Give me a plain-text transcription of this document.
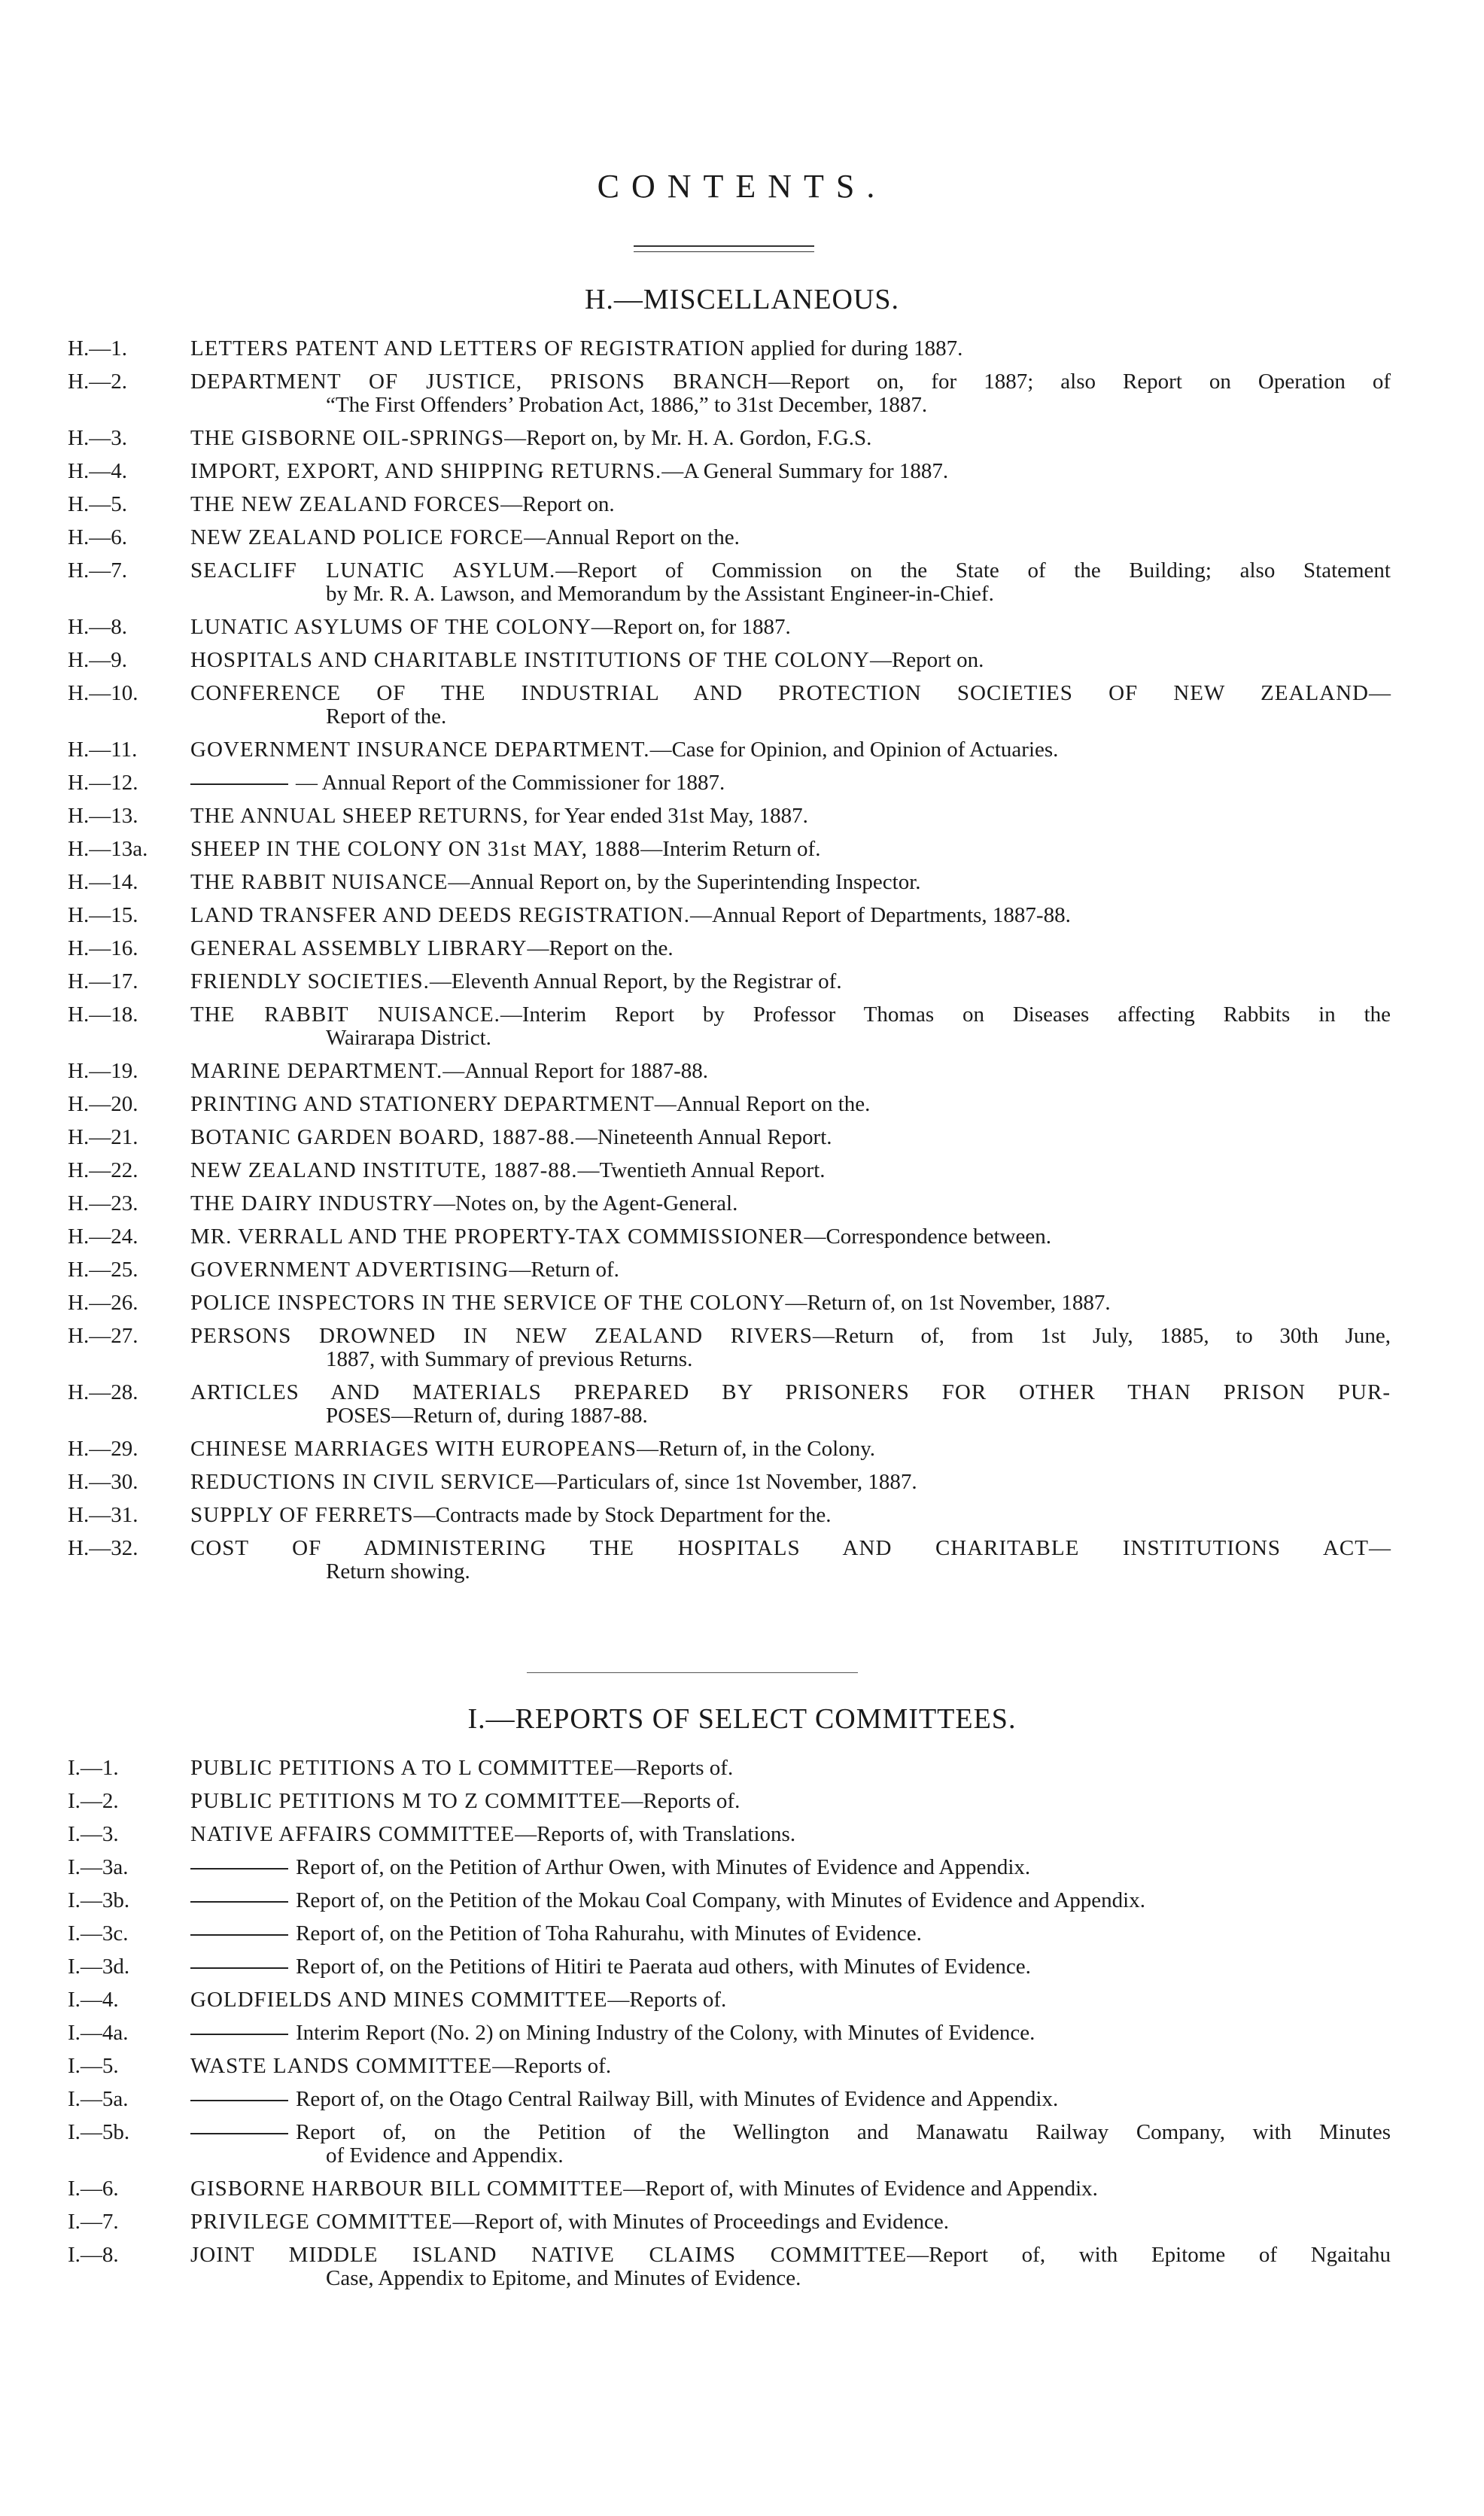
CONTENTS.
H.—MISCELLANEOUS.
H.—1.	LETTERS PATENT AND LETTERS OF REGISTRATION applied for during 1887.
H.—2.	DEPARTMENT OF JUSTICE, PRISONS BRANCH—Report on, for 1887; also Report on Operation of
“The First Offenders’ Probation Act, 1886,” to 31st December, 1887.
H.—3.	THE GISBORNE OIL-SPRINGS—Report on, by Mr. H. A. Gordon, F.G.S.
H.—4.	IMPORT, EXPORT, AND SHIPPING RETURNS.—A General Summary for 1887.
H.—5.	THE NEW ZEALAND FORCES—Report on.
H.—6.	NEW ZEALAND POLICE FORCE—Annual Report on the.
H.—7.	SEACLIFF LUNATIC ASYLUM.—Report of Commission on the State of the Building; also Statement
by Mr. R. A. Lawson, and Memorandum by the Assistant Engineer-in-Chief.
H.—8.	LUNATIC ASYLUMS OF THE COLONY—Report on, for 1887.
H.—9.	HOSPITALS AND CHARITABLE INSTITUTIONS OF THE COLONY—Report on.
H.—10.	CONFERENCE OF THE INDUSTRIAL AND PROTECTION SOCIETIES OF NEW ZEALAND—
Report of the.
H.—11.	GOVERNMENT INSURANCE DEPARTMENT.—Case for Opinion, and Opinion of Actuaries.
H.—12.	— Annual Report of the Commissioner for 1887.
H.—13.	THE ANNUAL SHEEP RETURNS, for Year ended 31st May, 1887.
H.—13a.	SHEEP IN THE COLONY ON 31st MAY, 1888—Interim Return of.
H.—14.	THE RABBIT NUISANCE—Annual Report on, by the Superintending Inspector.
H.—15.	LAND TRANSFER AND DEEDS REGISTRATION.—Annual Report of Departments, 1887-88.
H.—16.	GENERAL ASSEMBLY LIBRARY—Report on the.
H.—17.	FRIENDLY SOCIETIES.—Eleventh Annual Report, by the Registrar of.
H.—18.	THE RABBIT NUISANCE.—Interim Report by Professor Thomas on Diseases affecting Rabbits in the
Wairarapa District.
H.—19.	MARINE DEPARTMENT.—Annual Report for 1887-88.
H.—20.	PRINTING AND STATIONERY DEPARTMENT—Annual Report on the.
H.—21.	BOTANIC GARDEN BOARD, 1887-88.—Nineteenth Annual Report.
H.—22.	NEW ZEALAND INSTITUTE, 1887-88.—Twentieth Annual Report.
H.—23.	THE DAIRY INDUSTRY—Notes on, by the Agent-General.
H.—24.	MR. VERRALL AND THE PROPERTY-TAX COMMISSIONER—Correspondence between.
H.—25.	GOVERNMENT ADVERTISING—Return of.
H.—26.	POLICE INSPECTORS IN THE SERVICE OF THE COLONY—Return of, on 1st November, 1887.
H.—27.	PERSONS DROWNED IN NEW ZEALAND RIVERS—Return of, from 1st July, 1885, to 30th June,
1887, with Summary of previous Returns.
H.—28.	ARTICLES AND MATERIALS PREPARED BY PRISONERS FOR OTHER THAN PRISON PUR-
POSES—Return of, during 1887-88.
H.—29.	CHINESE MARRIAGES WITH EUROPEANS—Return of, in the Colony.
H.—30.	REDUCTIONS IN CIVIL SERVICE—Particulars of, since 1st November, 1887.
H.—31.	SUPPLY OF FERRETS—Contracts made by Stock Department for the.
H.—32.	COST OF ADMINISTERING THE HOSPITALS AND CHARITABLE INSTITUTIONS ACT—
Return showing.
I.—REPORTS OF SELECT COMMITTEES.
I.—1.	PUBLIC PETITIONS A TO L COMMITTEE—Reports of.
I.—2.	PUBLIC PETITIONS M TO Z COMMITTEE—Reports of.
I.—3.	NATIVE AFFAIRS COMMITTEE—Reports of, with Translations.
I.—3a.	Report of, on the Petition of Arthur Owen, with Minutes of Evidence and Appendix.
I.—3b.	Report of, on the Petition of the Mokau Coal Company, with Minutes of Evidence and Appendix.
I.—3c.	Report of, on the Petition of Toha Rahurahu, with Minutes of Evidence.
I.—3d.	Report of, on the Petitions of Hitiri te Paerata aud others, with Minutes of Evidence.
I.—4.	GOLDFIELDS AND MINES COMMITTEE—Reports of.
I.—4a.	Interim Report (No. 2) on Mining Industry of the Colony, with Minutes of Evidence.
I.—5.	WASTE LANDS COMMITTEE—Reports of.
I.—5a.	Report of, on the Otago Central Railway Bill, with Minutes of Evidence and Appendix.
I.—5b.	Report of, on the Petition of the Wellington and Manawatu Railway Company, with Minutes
of Evidence and Appendix.
I.—6.	GISBORNE HARBOUR BILL COMMITTEE—Report of, with Minutes of Evidence and Appendix.
I.—7.	PRIVILEGE COMMITTEE—Report of, with Minutes of Proceedings and Evidence.
I.—8.	JOINT MIDDLE ISLAND NATIVE CLAIMS COMMITTEE—Report of, with Epitome of Ngaitahu
Case, Appendix to Epitome, and Minutes of Evidence.
